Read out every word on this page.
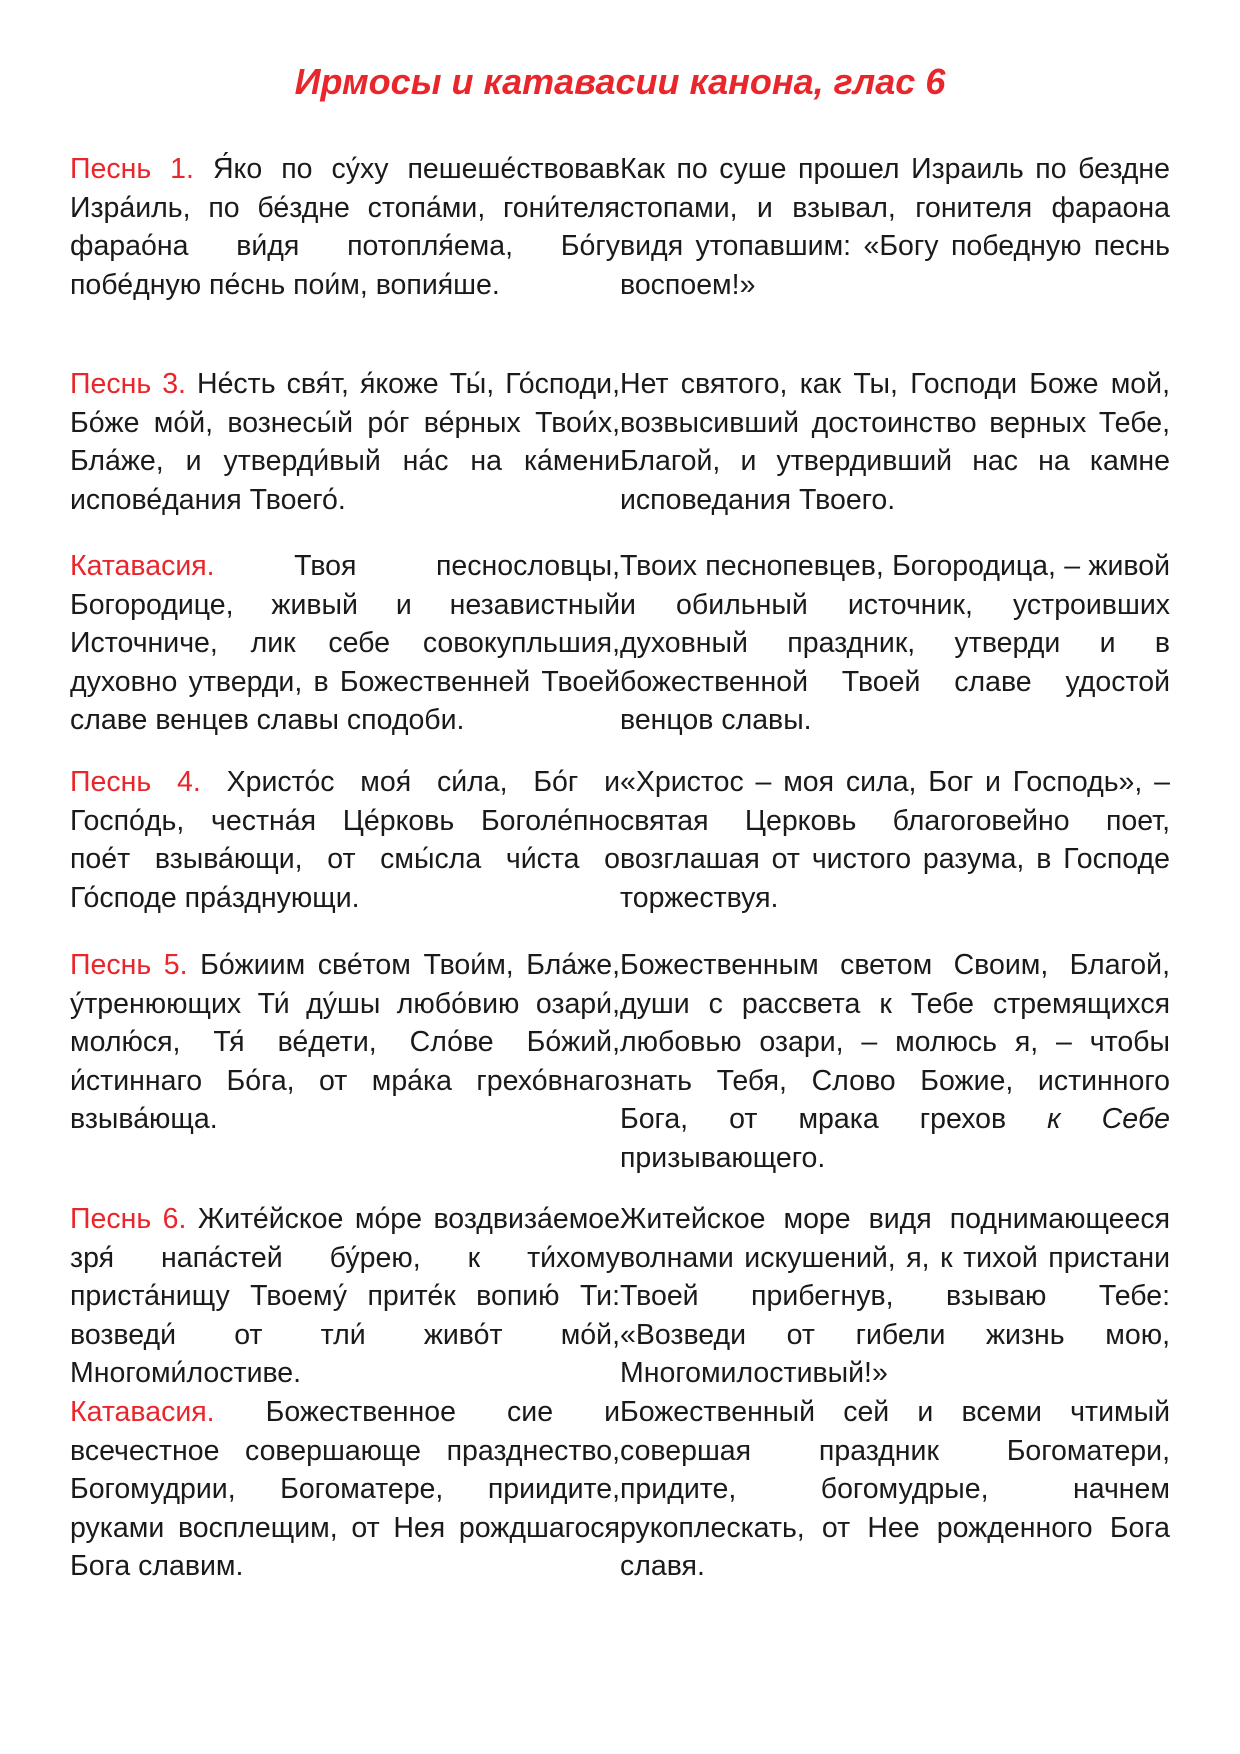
Ирмосы и катавасии канона, глас 6

Песнь 1. Я́ко по су́ху пешеше́ствовав Изра́иль, по бе́здне стопа́ми, гони́теля фарао́на ви́дя потопля́ема, Бо́гу побе́дную пе́снь пои́м, вопия́ше.

Как по суше прошел Израиль по бездне стопами, и взывал, гонителя фараона видя утопавшим: «Богу победную песнь воспоем!»

Песнь 3. Не́сть свя́т, я́коже Ты́, Го́споди, Бо́же мо́й, вознесы́й ро́г ве́рных Твои́х, Бла́же, и утверди́вый на́с на ка́мени испове́дания Твоего́.

Нет святого, как Ты, Господи Боже мой, возвысивший достоинство верных Тебе, Благой, и утвердивший нас на камне исповедания Твоего.

Катавасия.	Твоя песнословцы, Богородице, живый и независтный Источниче, лик себе совокупльшия, духовно утверди, в Божественней Твоей славе венцев славы сподоби.

Твоих песнопевцев, Богородица, – живой и обильный источник, устроивших духовный праздник, утверди и в божественной Твоей славе удостой венцов славы.

Песнь 4. Христо́с моя́ си́ла, Бо́г и Госпо́дь, честна́я Це́рковь Боголе́пно пое́т взыва́ющи, от смы́сла чи́ста о Го́споде пра́зднующи.

«Христос – моя сила, Бог и Господь», – святая Церковь благоговейно поет, возглашая от чистого разума, в Господе торжествуя.

Песнь 5. Бо́жиим све́том Твои́м, Бла́же, у́тренюющих Ти́ ду́шы любо́вию озари́, молю́ся, Тя́ ве́дети, Сло́ве Бо́жий, и́стиннаго Бо́га, от мра́ка грехо́внаго взыва́юща.

Божественным светом Своим, Благой, души с рассвета к Тебе стремящихся любовью озари, – молюсь я, – чтобы знать Тебя, Слово Божие, истинного Бога, от мрака грехов к Себе призывающего.

Песнь 6. Жите́йское мо́ре воздвиза́емое зря́ напа́стей бу́рею, к ти́хому приста́нищу Твоему́ прите́к вопию́ Ти: возведи́ от тли́ живо́т мо́й, Многоми́лостиве.

Катавасия. Божественное сие и всечестное совершающе празднество, Богомудрии, Богоматере, приидите, руками восплещим, от Нея рождшагося Бога славим.

Житейское море видя поднимающееся волнами искушений, я, к тихой пристани Твоей прибегнув, взываю Тебе: «Возведи от гибели жизнь мою, Многомилостивый!»

Божественный сей и всеми чтимый совершая праздник Богоматери, придите, богомудрые, начнем рукоплескать, от Нее рожденного Бога славя.
